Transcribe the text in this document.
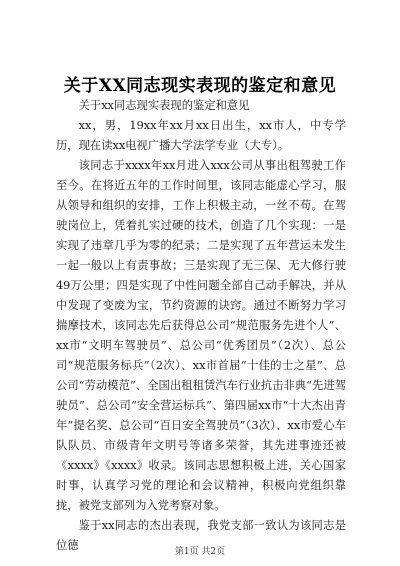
关于XX同志现实表现的鉴定和意见

关于xx同志现实表现的鉴定和意见

xx，男，19xx年xx月xx日出生，xx市人，中专学历，现在读xx电视广播大学法学专业（大专）。

该同志于xxxx年xx月进入xxx公司从事出租驾驶工作至今。在将近五年的工作时间里，该同志能虚心学习，服从领导和组织的安排，工作上积极主动，一丝不苟。在驾驶岗位上，凭着扎实过硬的技术，创造了几个实现：一是实现了违章几乎为零的纪录；二是实现了五年营运未发生一起一般以上有责事故；三是实现了无三保、无大修行驶49万公里；四是实现了中性问题全部自己动手解决，并从中发现了变废为宝，节约资源的诀窍。通过不断努力学习揣摩技术，该同志先后获得总公司“规范服务先进个人”、xx市“文明车驾驶员”、总公司“优秀团员”（2次）、总公司“规范服务标兵”（2次）、xx市首届“十佳的士之星”、总公司“劳动模范”、全国出租租赁汽车行业抗击非典“先进驾驶员”、总公司“安全营运标兵”、第四届xx市“十大杰出青年”提名奖、总公司“百日安全驾驶员”（3次）、xx市爱心车队队员、市级青年文明号等诸多荣誉，其先进事迹还被《xxxx》《xxxx》收录。该同志思想积极上进，关心国家时事，认真学习党的理论和会议精神，积极向党组织靠拢，被党支部列为入党考察对象。

鉴于xx同志的杰出表现，我党支部一致认为该同志是位德	第1页 共2页
